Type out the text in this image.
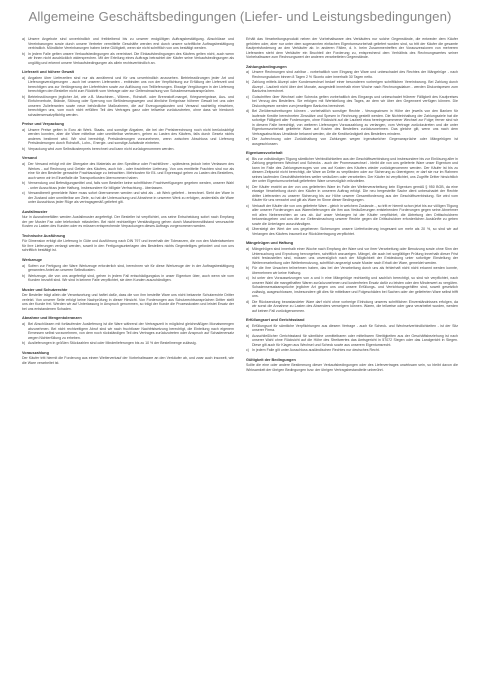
Allgemeine Geschäftsbedingungen (Liefer- und Leistungsbedingungen)
a) Unsere Angebote sind unverbindlich und freibleibend bis zu unserer endgültigen Auftragsbestätigung. Abschlüsse und Vereinbarungen sowie durch unsere Vertreter vermittelte Geschäfte werden erst durch unsere schriftliche Auftragsbestätigung verbindlich. Mündliche Vereinbarungen haben keine Gültigkeit, wenn sie nicht schriftlich von uns bestätigt werden.
b) In jedem Falle gelten unsere Verkaufsbedingungen als vereinbart. Die Einkaufsbedingungen des Käufers gelten nicht, auch wenn wir ihnen nicht ausdrücklich widersprechen. Mit der Erteilung eines Auftrags betrachtet der Käufer seine Verkaufsbedingungen als ungültig und erkennt unsere Verkaufsbedingungen als allein rechtsverbindlich an.
Lieferzeit und höhere Gewalt
a) Angaben über Lieferzeiten sind nur als annähernd und für uns unverbindlich anzusehen. Betriebsstörungen jeder Art und Lieferungsverzögerungen - auch bei unseren Lieferanten - entbinden uns von der Verpflichtung zur Erfüllung der Lieferzeit und berechtigen uns zur Verlängerung der Lieferfristen sowie zur Auflösung von Teillieferungen. Etwaige Vergütungen in der Lieferung berechtigen den Besteller nicht zum Rücktritt vom Vertrage oder zur Geltendmachung von Schadensersatzansprüchen.
b) Betriebsstörungen jeglicher Art, wie z.B. Maschinen-, Wärme-, Rohstoff- oder Brennstoff-mangel, Kriegsereignisse, Aus- und Einfuhrverbote, Brände, Störung oder Sperrung von Beförderungswegen und ähnliche Ereignisse höherer Gewalt bei uns oder unseren Zulieferanten sowie neue behördliche Maßnahmen, die auf Erzeugungskosten und Versand nachteilig einwirken, berechtigen uns, vom noch nicht erfüllten Teil des Vertrages ganz oder teilweise zurückzutreten, ohne dass wir hierdurch schadensersatzpflichtig werden.
Preise und Verpackung
a) Unsere Preise gelten in Euro ab Werk. Staats- und sonstige Abgaben, die bei der Preisberechnung noch nicht berücksichtigt werden konnten, aber die Ware mittelbar oder unmittelbar verteuern, gehen zu Lasten des Käufers, falls durch Gesetz nichts anderes bestimmt wird. Wir sind berechtigt, Preisänderungen vorzunehmen, wenn zwischen Abschluss und Lieferung Preisänderungen durch Rohstoff-, Lohn-, Energie- und sonstige Aufwände eintreten.
b) Verpackung wird zum Selbstkostenpreis berechnet und kann nicht zurückgenommen werden.
Versand
a) Der Versand erfolgt mit der Übergabe des Materials an den Spediteur oder Frachtführer - spätestens jedoch beim Verlassen des Werkes - auf Rechnung und Gefahr des Käufers, auch fob - oder frachtfreier Lieferung. Von uns ermittelte Frachten sind nur als eine für den Besteller gemachte Frachtauslage zu betrachten. Mehrkosten für Eil- und Expressgut gehen zu Lasten des Bestellers, auch wenn wir im Einzelfalle die Transportkosten übernommen haben.
b) Verwendung und Befestigungsmittel und, falls vom Besteller keine schriftlichen Frachtverfügungen gegeben werden, unserer Wahl - unter Ausschluss jeder Haftung, insbesondere für billigste Verfrachtung - überlassen.
c) Versandbereit gemeldete Ware muss sofort übernommen werden und wird als - ab Werk geliefert - berechnet. Sieht der Ware in der Zustand oder unmittelbar am Ziele, so hat die Untersuchung und Abnahme in unserem Werk zu erfolgen, andernfalls die Ware unter Ausschluss jeder Rüge als vertragsgemäß geliefert gilt.
Ausfallmuster
Nur in Ausnahmefällen werden Ausfallmuster angefertigt. Der Besteller ist verpflichtet, uns seine Entscheidung sofort nach Empfang der per Muster Fax oder telefonisch mitzuteilen. Bei nicht rechtzeitiger Verständigung gehen durch Maschinenstillstand verursachte Kosten zu Lasten des Kunden oder es müssen entsprechende Verpackungen dieses Auftrags vorgenommen werden.
Technische Ausführung
Für Dimension erfolgt die Lieferung in Güte und Ausführung nach DIN 797 und innerhalb der Toleranzen, die von den Materialwerken für ihre Lieferungen verlangt werden, soweit in den Fertigungsunterlagen des Bestellers nichts Gegenteiliges gefordert und von uns schriftlich bestätigt ist.
Werkzeuge
a) Sofern zur Fertigung der Ware Werkzeuge erforderlich sind, berechnen wir für diese Werkzeuge der in der Auftragsbestätigung genannten Anteil an unseren Selbstkosten.
b) Werkzeuge, die von uns angefertigt sind, gehen in jedem Fall entschädigungslos in unser Eigentum über, auch wenn sie vom Kunden bezahlt sind. Wir sind in keinem Falle verpflichtet, sie dem Kunden auszuhändigen.
Muster und Schutzrechte
Der Besteller trägt allein die Verantwortung und haftet dafür, dass die von ihm bestellte Ware uns nicht bekannte Schutzrechte Dritter verletzt. Von unserer Seite erfolgt keine Nachprüfung in dieser Hinsicht. Von Forderungen aus Schutzrechtsansprüchen Dritter stellt uns der Kunde frei. Werden wir auf Unterlassung in Anspruch genommen, so trägt der Kunde die Prozesskosten und leistet Ersatz der bei uns entstandenen Schaden.
Abnahme und Mengentoleranzen
a) Bei Abschlüssen mit fortlaufender Auslieferung ist die Ware während der Vertragszeit in möglichst gleichmäßigen Monatsmengen abzunehmen. Bei nicht rechtzeitigem Abruf sind wir nach fruchtloser Nachfristsetzung berechtigt, die Einteilung nach eigenem Ermessen selbst vorzunehmen, von dem noch rückständigen Teil des Vertrages zurückzutreten oder Anspruch auf Schadenersatz wegen Nichterfüllung zu erheben.
b) Auslieferungen in größten Stückzahlen sind oder Minderlieferungen bis zu 10 % der Bestellmenge zulässig.
Vorauszahlung
Der Käufer tritt hiermit die Forderung aus einem Weiterverkauf der Vorbehaltsware an den Verkäufer ab, und zwar auch insoweit, wie die Ware verarbeitet ist.
Erhält das Verarbeitungsprodukt neben der Vorbehaltsware des Verkäufers nur solche Gegenstände, die entweder dem Käufer gehörten oder, aber nur unter dem sogenannten einfachen Eigentumsvorbehalt geliefert worden sind, so tritt der Käufer die gesamte Kaufpreisforderung an den Verkäufer ab. In anderen Fällen, d. h. beim Zusammentreffen der Vorauszessionen von mehreren Lieferanten steht dem Verkäufer ein Bruchteil der Forderung zu, entsprechend dem Verhältnis des Rechnungswertes seiner Vorbehaltsware zum Rechnungswert der anderen verarbeiteten Gegenstände.
Zahlungsbedingungen
a) Unsere Rechnungen sind zahlbar - vorbehaltlich vom Eingang der Ware und unbeschadet des Rechtes der Mängelrüge - nach Rechnungsdatum binnen 8 Tagen 2 % Skonto oder innerhalb 30 Tagen netto.
b) Zahlung mittels Akzept oder Kundenwechsel bedarf einer besonderen vorherigen schriftlichen Vereinbarung. Bei Zahlung durch Akzept - Laufzeit nicht über drei Monate, ausgestellt innerhalb einer Woche nach Rechnungsdatum - werden Diskontspesen zum Bankzins berechnet.
c) Gutschriften über Wechsel oder Schecks gelten vorbehaltlich des Eingangs und unbeschadet früherer Fälligkeit des Kaufpreises bei Verzug des Bestellers. Sie erfolgen mit Wertstellung des Tages, an dem wir über den Gegenwert verfügen können. Die Diskontspesen werden zum jeweiligen Bankzins berechnet.
d) Bei Zielüberschreitungen können - vorbehaltlich sonstiger Rechte - Verzugszinsen in Höhe der jeweils von den Banken für laufende Kredite berechneten Zinssätze und Spesen in Rechnung gestellt werden. Die Nichteinhaltung der Zahlungsziele hat die sofortige Fälligkeit aller Forderungen, ohne Rücksicht auf die Laufzeit etwa hereingenommener Wechsel zur Folge; ferner sind wir in diesem Falle berechtigt, von weiteren Lieferungen Vorauszahlung zu verlangen, vom Vertrage zurückzutreten und die unter Eigentumsvorbehalt gelieferte Ware auf Kosten des Bestellers zurückzunehmen. Das gleiche gilt, wenn uns nach dem Vertragsabschluss Umstände bekannt werden, die die Kreditwürdigkeit des Bestellers mindern.
e) Die Aufrechnung oder Zurückhaltung von Zahlungen wegen irgendwelcher Gegenansprüche oder Mängelrügen ist ausgeschlossen.
Eigentumsvorbehalt
a) Bis zur vollständigen Tilgung sämtlicher Verbindlichkeiten aus der Geschäftsverbindung und insbesondere bis zur Einlösung aller in Zahlung gegebenen Wechsel und Schecks - auch der Promesswechsel - bleibt die von uns gelieferte Ware unser Eigentum und kann im Falle des Zahlungsverzuges von uns auf Kosten des Käufers wieder zurückgenommen werden. Der Käufer ist bis zu diesem Zeitpunkt nicht berechtigt, die Ware an Dritte zu verpfänden oder zur Sicherung zu übereignen; er darf sie nur im Rahmen seines laufenden Geschäftsbetriebes weiter veräußern oder verarbeiten. Der Käufer ist verpflichtet, uns Zugriffe Dritter hinsichtlich der unter Eigentumsvorbehalt gelieferten Ware unverzüglich mitzuteilen.
b) Der Käufer erwirbt an der von uns gelieferten Ware im Falle der Weiterverarbeitung kein Eigentum gemäß § 950 BGB, da eine etwaige Verarbeitung durch den Käufer in unserem Auftrag erfolgt. Die neu hergestellte Sache dient unbeschadet der Rechte dritter Lieferanten zu unserer Sicherung bis zur Höhe unserer Gesamtforderung aus der Geschäftsverbindung. Sie wird vom Käufer für uns verwahrt und gilt als Ware im Sinne dieser Bedingungen.
c) Verkauft der Käufer die von uns gelieferte Ware - gleich in welchem Zustande -, so tritt er hiermit schon jetzt bis zur völligen Tilgung aller unserer Forderungen aus Warenlieferungen die ihm aus Veräußerungen entstehenden Forderungen gegen seine Abnehmer mit allen Nebenrechten an uns ab. Auf unser Verlangen ist der Käufer verpflichtet, die Abtretung den Drittschuldnern bekanntzugeben und uns die zur Geltendmachung unserer Rechte gegen die Drittschuldner erforderlichen Auskünfte zu geben sowie die Unterlagen auszuhändigen.
d) Übersteigt der Wert der uns gegebenen Sicherungen unsere Lieferforderung insgesamt um mehr als 20 %, so sind wir auf Verlangen des Käufers insoweit zur Rückübertragung verpflichtet.
Mängelrügen und Haftung
a) Mängelrügen sind innerhalb einer Woche nach Empfang der Ware und vor ihrer Verarbeitung oder Benutzung sowie ohne Sinn der Untersuchung und Erprobung hervorgehen, schriftlich anzuzeigen. Mängel, die auch bei sorgfältiger Prüfung innerhalb dieser Frist nicht festzustellen sind, müssen uns unverzüglich nach der Möglichkeit der Entdeckung unter sofortiger Einstellung der Weiterverarbeitung oder Weiterbenutzung, schriftlich angezeigt sowie Muster nach Erhalt der Ware, gemeldet werden.
b) Für die Ihre Ursachen teilnehmen haben, das bei der Verarbeitung durch uns als fehlerhaft nicht nicht erkannt werden konnte, übernehmen wir keine Haftung.
c) Ist unter den Voraussetzungen von a und b eine Mängelrüge rechtzeitig und sachlich berechtigt, so sind wir verpflichtet, nach unserer Wahl die mangelhaften Waren zurückzunehmen und kostenfreien Ersatz dafür zu leisten oder den Minderwert zu vergüten. Schadensersatzansprüche jeglicher Art gegen uns und unsere Erfüllungs- und Verrichtungsgehilfen sind, soweit gesetzlich zulässig, ausgeschlossen, insbesondere gilt dies für mittelbare und Folgeschäden bei Sachen oder der gelieferten Ware selbst trifft uns.
d) Die Rücksendung beanstandeter Ware darf nicht ohne vorherige Einholung unseres schriftlichen Einverständnisses erfolgen, da wir sonst die Annahme zu Lasten des Absenders verweigern können. Waren, die teilweise oder ganz verarbeitet wurden, werden auf keinen Fall zurückgenommen.
Erfüllungsort und Gerichtsstand
a) Erfüllungsort für sämtliche Verpflichtungen aus diesem Vertrage - auch für Scheck- und Wechselverbindlichkeiten - ist der Sitz unserer Firma.
b) Ausschließlicher Gerichtsstand für sämtliche unmittelbaren oder mittelbaren Streitigkeiten aus der Geschäftsbeziehung ist nach unserer Wahl ohne Rücksicht auf die Höhe des Streitwertes das Amtsgericht in 57072 Siegen oder das Landgericht in Siegen. Diese gilt auch für Klagen aus Wechsel und Scheck sowie aus unserem Eigentumsrecht.
c) In jedem Falle gilt unter Ausschluss ausländischen Rechtes nur deutsches Recht.
Gültigkeit der Bedingungen
Sollte die eine oder andere Bestimmung dieser Verkaufsbedingungen oder des Liefervertrages unwirksam sein, so bleibt davon die Wirksamkeit der übrigen Bedingungen bzw. der übrigen Vertragsbestandteile unberührt.
